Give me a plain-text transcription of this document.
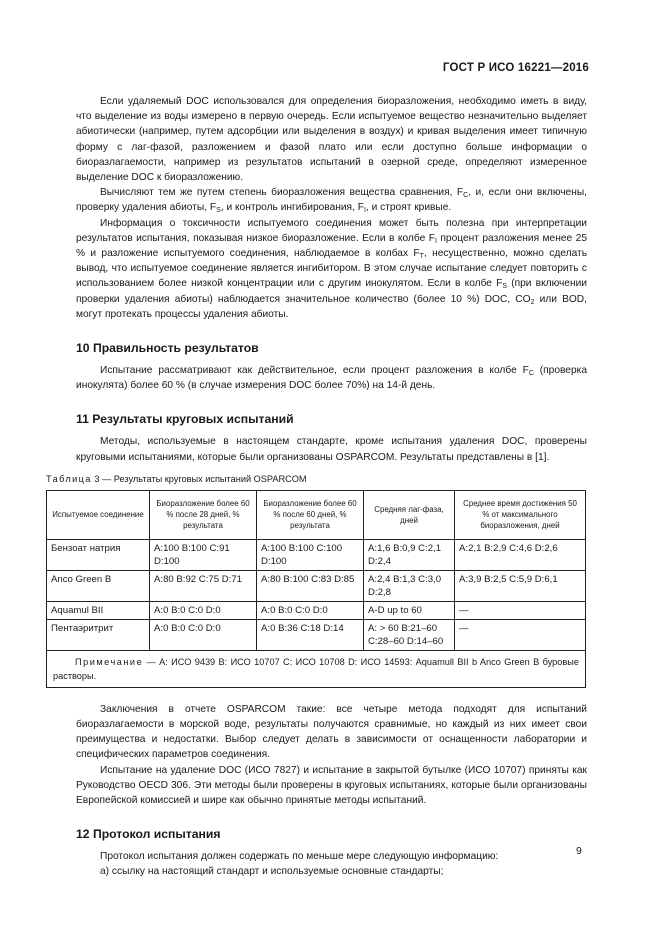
ГОСТ Р ИСО 16221—2016

Если удаляемый DOC использовался для определения биоразложения, необходимо иметь в виду, что выделение из воды измерено в первую очередь. Если испытуемое вещество незначительно выделяет абиотически (например, путем адсорбции или выделения в воздух) и кривая выделения имеет типичную форму с лаг-фазой, разложением и фазой плато или если доступно больше информации о биоразлагаемости, например из результатов испытаний в озерной среде, определяют измеренное выделение DOC к биоразложению.

Вычисляют тем же путем степень биоразложения вещества сравнения, $F_C$, и, если они включены, проверку удаления абиоты, $F_S$, и контроль ингибирования, $F_I$, и строят кривые.

Информация о токсичности испытуемого соединения может быть полезна при интерпретации результатов испытания, показывая низкое биоразложение. Если в колбе $F_I$ процент разложения менее 25 % и разложение испытуемого соединения, наблюдаемое в колбах $F_T$, несущественно, можно сделать вывод, что испытуемое соединение является ингибитором. В этом случае испытание следует повторить с использованием более низкой концентрации или с другим инокулятом. Если в колбе $F_S$ (при включении проверки удаления абиоты) наблюдается значительное количество (более 10 %) DOC, $CO_2$ или BOD, могут протекать процессы удаления абиоты.

10 Правильность результатов

Испытание рассматривают как действительное, если процент разложения в колбе $F_C$ (проверка инокулята) более 60 % (в случае измерения DOC более 70%) на 14-й день.

11 Результаты круговых испытаний

Методы, используемые в настоящем стандарте, кроме испытания удаления DOC, проверены круговыми испытаниями, которые были организованы OSPARCOM. Результаты представлены в [1].

Таблица 3 — Результаты круговых испытаний OSPARCOM
Испытуемое соединение	Биоразложение более 60 % после 28 дней, % результата	Биоразложение более 60 % после 60 дней, % результата	Средняя лаг-фаза, дней	Среднее время достижения 50 % от максимального биоразложения, дней
Бензоат натрия	A:100 B:100 C:91 D:100	A:100 B:100 C:100 D:100	A:1,6 B:0,9 C:2,1 D:2,4	A:2,1 B:2,9 C:4,6 D:2,6
Anco Green B	A:80 B:92 C:75 D:71	A:80 B:100 C:83 D:85	A:2,4 B:1,3 C:3,0 D:2,8	A:3,9 B:2,5 C:5,9 D:6,1
Aquamul BII	A:0 B:0 C:0 D:0	A:0 B:0 C:0 D:0	A-D up to 60	—
Пентаэритрит	A:0 B:0 C:0 D:0	A:0 B:36 C:18 D:14	A: > 60 B:21–60 C:28–60 D:14–60	—
Примечание — A: ИСО 9439 B: ИСО 10707 C: ИСО 10708 D: ИСО 14593: Aquamull BII b Anco Green B буровые растворы.				

Заключения в отчете OSPARCOM такие: все четыре метода подходят для испытаний биоразлагаемости в морской воде, результаты получаются сравнимые, но каждый из них имеет свои преимущества и недостатки. Выбор следует делать в зависимости от оснащенности лаборатории и специфических параметров соединения.

Испытание на удаление DOC (ИСО 7827) и испытание в закрытой бутылке (ИСО 10707) приняты как Руководство OECD 306. Эти методы были проверены в круговых испытаниях, которые были организованы Европейской комиссией и шире как обычно принятые методы испытаний.

12 Протокол испытания

Протокол испытания должен содержать по меньше мере следующую информацию:

a) ссылку на настоящий стандарт и используемые основные стандарты;

9
